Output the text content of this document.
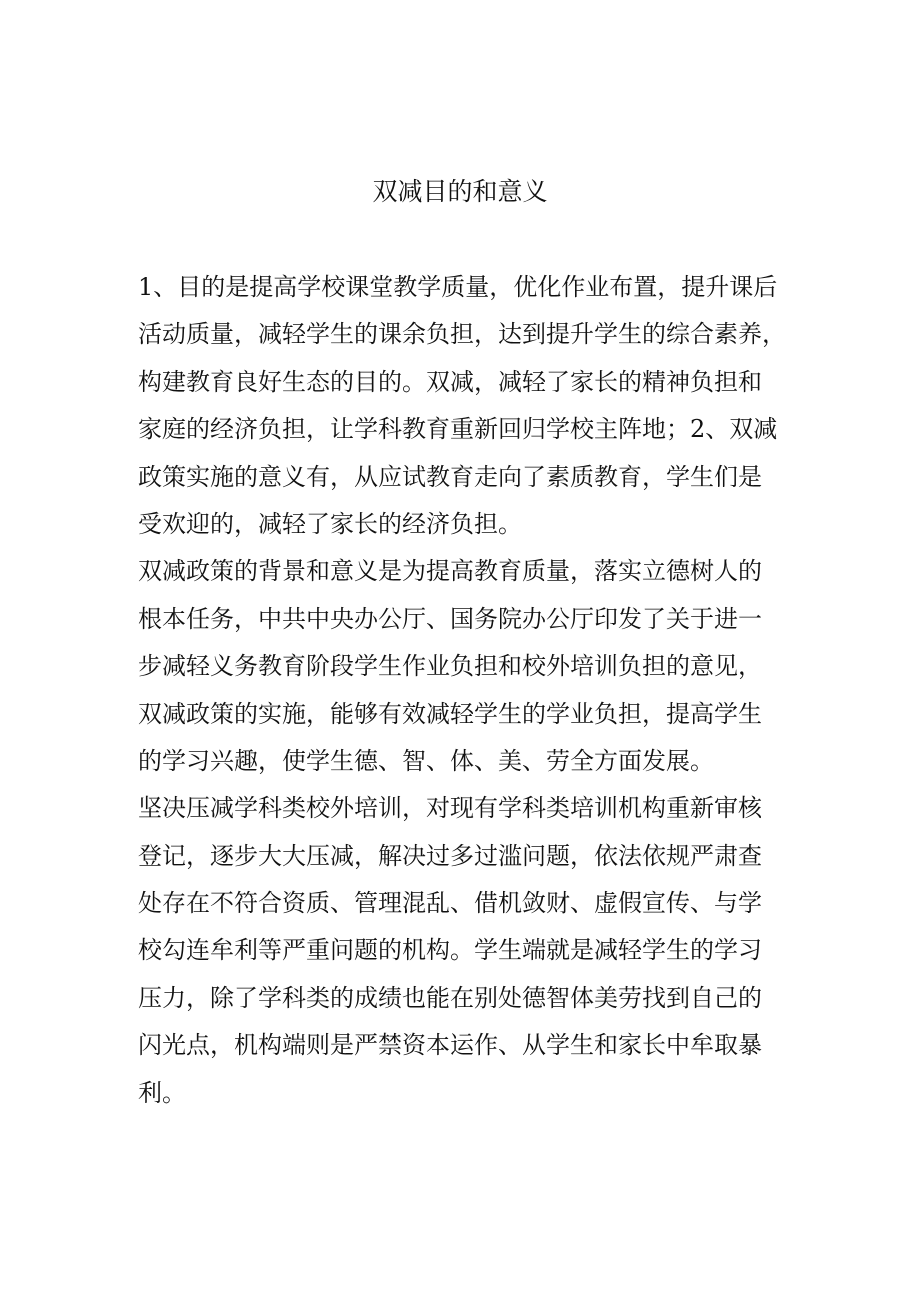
双减目的和意义

1、目的是提高学校课堂教学质量，优化作业布置，提升课后
活动质量，减轻学生的课余负担，达到提升学生的综合素养，
构建教育良好生态的目的。双减，减轻了家长的精神负担和
家庭的经济负担，让学科教育重新回归学校主阵地；2、双减
政策实施的意义有，从应试教育走向了素质教育，学生们是
受欢迎的，减轻了家长的经济负担。

双减政策的背景和意义是为提高教育质量，落实立德树人的
根本任务，中共中央办公厅、国务院办公厅印发了关于进一
步减轻义务教育阶段学生作业负担和校外培训负担的意见，
双减政策的实施，能够有效减轻学生的学业负担，提高学生
的学习兴趣，使学生德、智、体、美、劳全方面发展。

坚决压减学科类校外培训，对现有学科类培训机构重新审核
登记，逐步大大压减，解决过多过滥问题，依法依规严肃查
处存在不符合资质、管理混乱、借机敛财、虚假宣传、与学
校勾连牟利等严重问题的机构。学生端就是减轻学生的学习
压力，除了学科类的成绩也能在别处德智体美劳找到自己的
闪光点，机构端则是严禁资本运作、从学生和家长中牟取暴
利。
